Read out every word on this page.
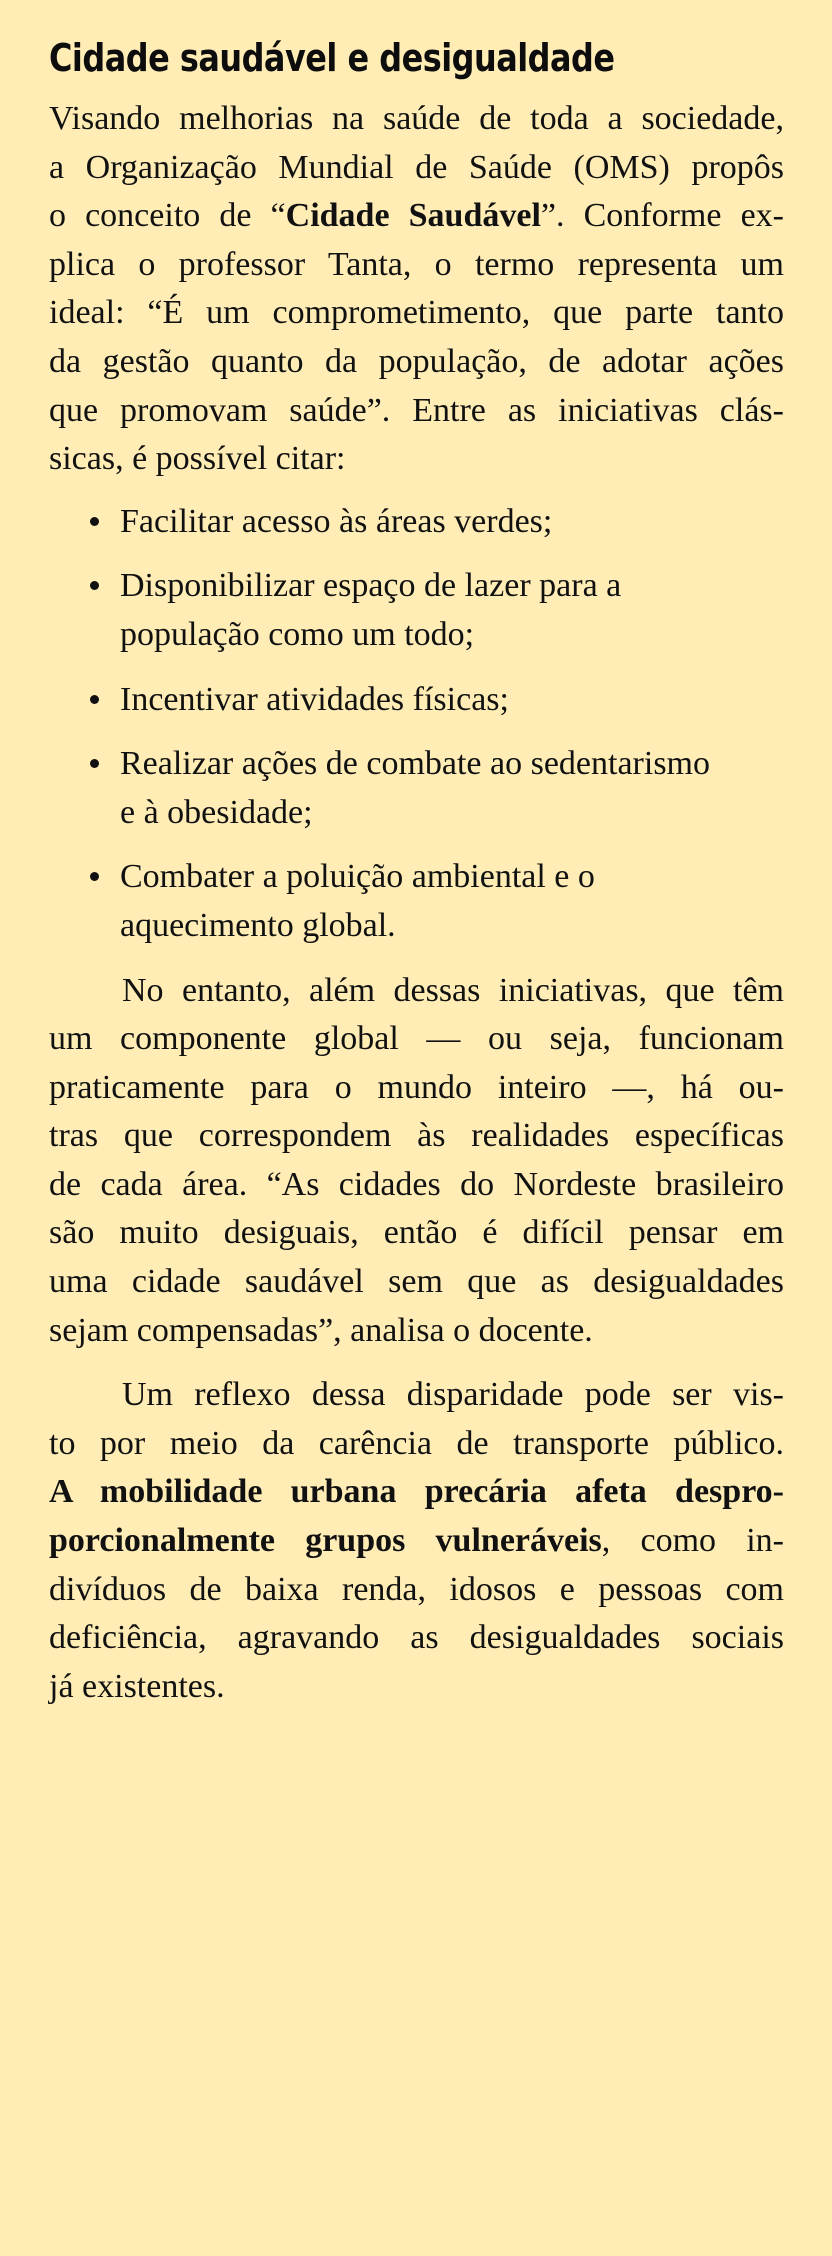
Cidade saudável e desigualdade

Visando melhorias na saúde de toda a sociedade,
a Organização Mundial de Saúde (OMS) propôs
o conceito de “Cidade Saudável”. Conforme ex-
plica o professor Tanta, o termo representa um
ideal: “É um comprometimento, que parte tanto
da gestão quanto da população, de adotar ações
que promovam saúde”. Entre as iniciativas clás-
sicas, é possível citar:

Facilitar acesso às áreas verdes;
Disponibilizar espaço de lazer para a
população como um todo;
Incentivar atividades físicas;
Realizar ações de combate ao sedentarismo
e à obesidade;
Combater a poluição ambiental e o
aquecimento global.

No entanto, além dessas iniciativas, que têm
um componente global — ou seja, funcionam
praticamente para o mundo inteiro —, há ou-
tras que correspondem às realidades específicas
de cada área. “As cidades do Nordeste brasileiro
são muito desiguais, então é difícil pensar em
uma cidade saudável sem que as desigualdades
sejam compensadas”, analisa o docente.

Um reflexo dessa disparidade pode ser vis-
to por meio da carência de transporte público.
A mobilidade urbana precária afeta despro-
porcionalmente grupos vulneráveis, como in-
divíduos de baixa renda, idosos e pessoas com
deficiência, agravando as desigualdades sociais
já existentes.
